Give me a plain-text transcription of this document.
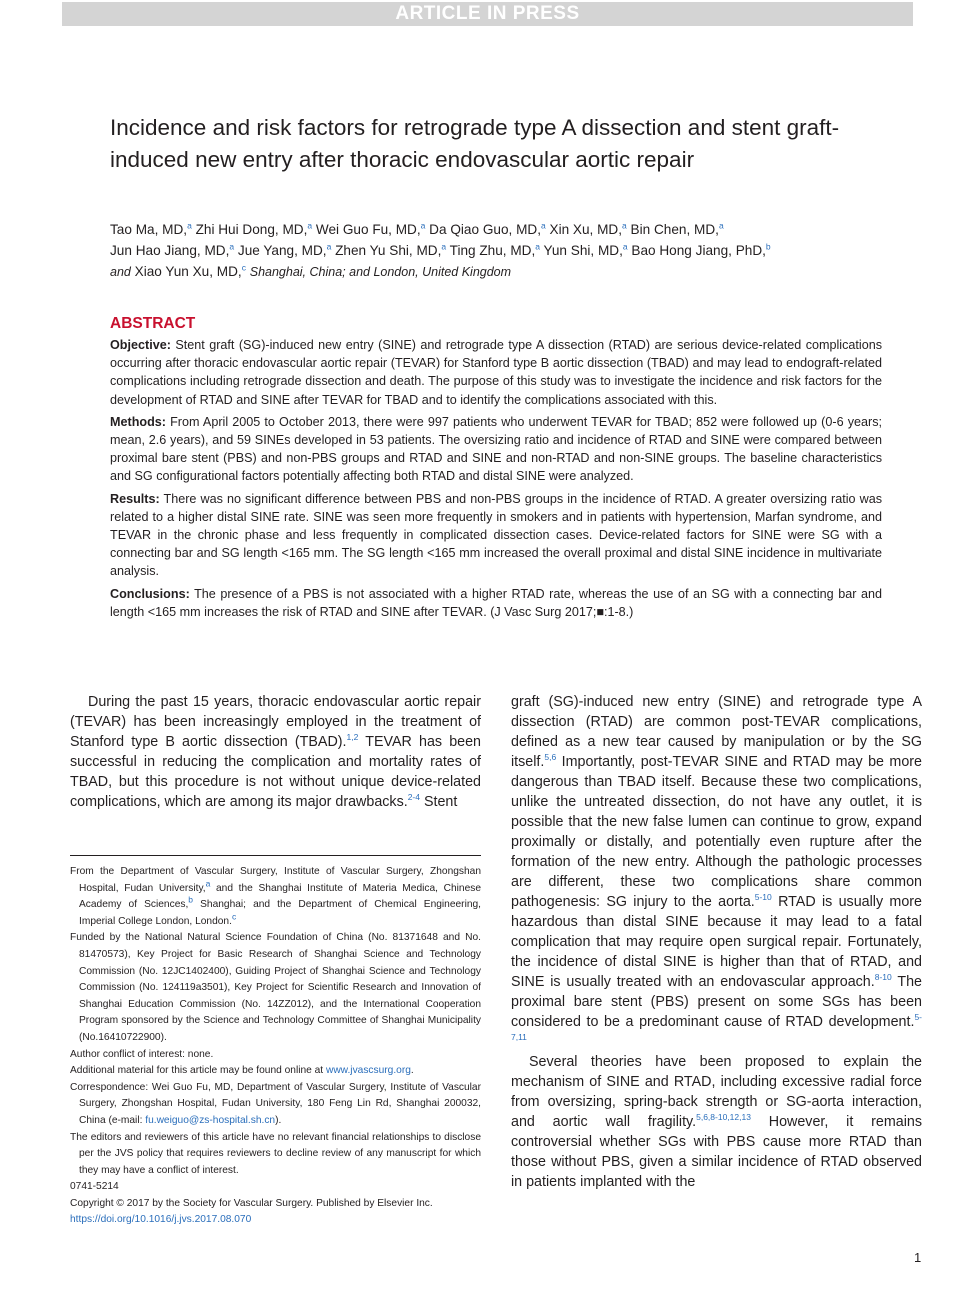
ARTICLE IN PRESS
Incidence and risk factors for retrograde type A dissection and stent graft-induced new entry after thoracic endovascular aortic repair
Tao Ma, MD,$^a$ Zhi Hui Dong, MD,$^a$ Wei Guo Fu, MD,$^a$ Da Qiao Guo, MD,$^a$ Xin Xu, MD,$^a$ Bin Chen, MD,$^a$
Jun Hao Jiang, MD,$^a$ Jue Yang, MD,$^a$ Zhen Yu Shi, MD,$^a$ Ting Zhu, MD,$^a$ Yun Shi, MD,$^a$ Bao Hong Jiang, PhD,$^b$
and Xiao Yun Xu, MD,$^c$ Shanghai, China; and London, United Kingdom
ABSTRACT

Objective: Stent graft (SG)-induced new entry (SINE) and retrograde type A dissection (RTAD) are serious device-related complications occurring after thoracic endovascular aortic repair (TEVAR) for Stanford type B aortic dissection (TBAD) and may lead to endograft-related complications including retrograde dissection and death. The purpose of this study was to investigate the incidence and risk factors for the development of RTAD and SINE after TEVAR for TBAD and to identify the complications associated with this.

Methods: From April 2005 to October 2013, there were 997 patients who underwent TEVAR for TBAD; 852 were followed up (0-6 years; mean, 2.6 years), and 59 SINEs developed in 53 patients. The oversizing ratio and incidence of RTAD and SINE were compared between proximal bare stent (PBS) and non-PBS groups and RTAD and SINE and non-RTAD and non-SINE groups. The baseline characteristics and SG configurational factors potentially affecting both RTAD and distal SINE were analyzed.

Results: There was no significant difference between PBS and non-PBS groups in the incidence of RTAD. A greater oversizing ratio was related to a higher distal SINE rate. SINE was seen more frequently in smokers and in patients with hypertension, Marfan syndrome, and TEVAR in the chronic phase and less frequently in complicated dissection cases. Device-related factors for SINE were SG with a connecting bar and SG length <165 mm. The SG length <165 mm increased the overall proximal and distal SINE incidence in multivariate analysis.

Conclusions: The presence of a PBS is not associated with a higher RTAD rate, whereas the use of an SG with a connecting bar and length <165 mm increases the risk of RTAD and SINE after TEVAR. (J Vasc Surg 2017;■:1-8.)

During the past 15 years, thoracic endovascular aortic repair (TEVAR) has been increasingly employed in the treatment of Stanford type B aortic dissection (TBAD).$^{1,2}$ TEVAR has been successful in reducing the complication and mortality rates of TBAD, but this procedure is not without unique device-related complications, which are among its major drawbacks.$^{2-4}$ Stent

From the Department of Vascular Surgery, Institute of Vascular Surgery, Zhongshan Hospital, Fudan University,$^a$ and the Shanghai Institute of Materia Medica, Chinese Academy of Sciences,$^b$ Shanghai; and the Department of Chemical Engineering, Imperial College London, London.$^c$

Funded by the National Natural Science Foundation of China (No. 81371648 and No. 81470573), Key Project for Basic Research of Shanghai Science and Technology Commission (No. 12JC1402400), Guiding Project of Shanghai Science and Technology Commission (No. 124119a3501), Key Project for Scientific Research and Innovation of Shanghai Education Commission (No. 14ZZ012), and the International Cooperation Program sponsored by the Science and Technology Committee of Shanghai Municipality (No.16410722900).

Author conflict of interest: none.

Additional material for this article may be found online at www.jvascsurg.org.

Correspondence: Wei Guo Fu, MD, Department of Vascular Surgery, Institute of Vascular Surgery, Zhongshan Hospital, Fudan University, 180 Feng Lin Rd, Shanghai 200032, China (e-mail: fu.weiguo@zs-hospital.sh.cn).

The editors and reviewers of this article have no relevant financial relationships to disclose per the JVS policy that requires reviewers to decline review of any manuscript for which they may have a conflict of interest.

0741-5214

Copyright © 2017 by the Society for Vascular Surgery. Published by Elsevier Inc.

https://doi.org/10.1016/j.jvs.2017.08.070

graft (SG)-induced new entry (SINE) and retrograde type A dissection (RTAD) are common post-TEVAR complications, defined as a new tear caused by manipulation or by the SG itself.$^{5,6}$ Importantly, post-TEVAR SINE and RTAD may be more dangerous than TBAD itself. Because these two complications, unlike the untreated dissection, do not have any outlet, it is possible that the new false lumen can continue to grow, expand proximally or distally, and potentially even rupture after the formation of the new entry. Although the pathologic processes are different, these two complications share common pathogenesis: SG injury to the aorta.$^{5-10}$ RTAD is usually more hazardous than distal SINE because it may lead to a fatal complication that may require open surgical repair. Fortunately, the incidence of distal SINE is higher than that of RTAD, and SINE is usually treated with an endovascular approach.$^{8-10}$ The proximal bare stent (PBS) present on some SGs has been considered to be a predominant cause of RTAD development.$^{5-7,11}$

Several theories have been proposed to explain the mechanism of SINE and RTAD, including excessive radial force from oversizing, spring-back strength or SG-aorta interaction, and aortic wall fragility.$^{5,6,8-10,12,13}$ However, it remains controversial whether SGs with PBS cause more RTAD than those without PBS, given a similar incidence of RTAD observed in patients implanted with the

1
